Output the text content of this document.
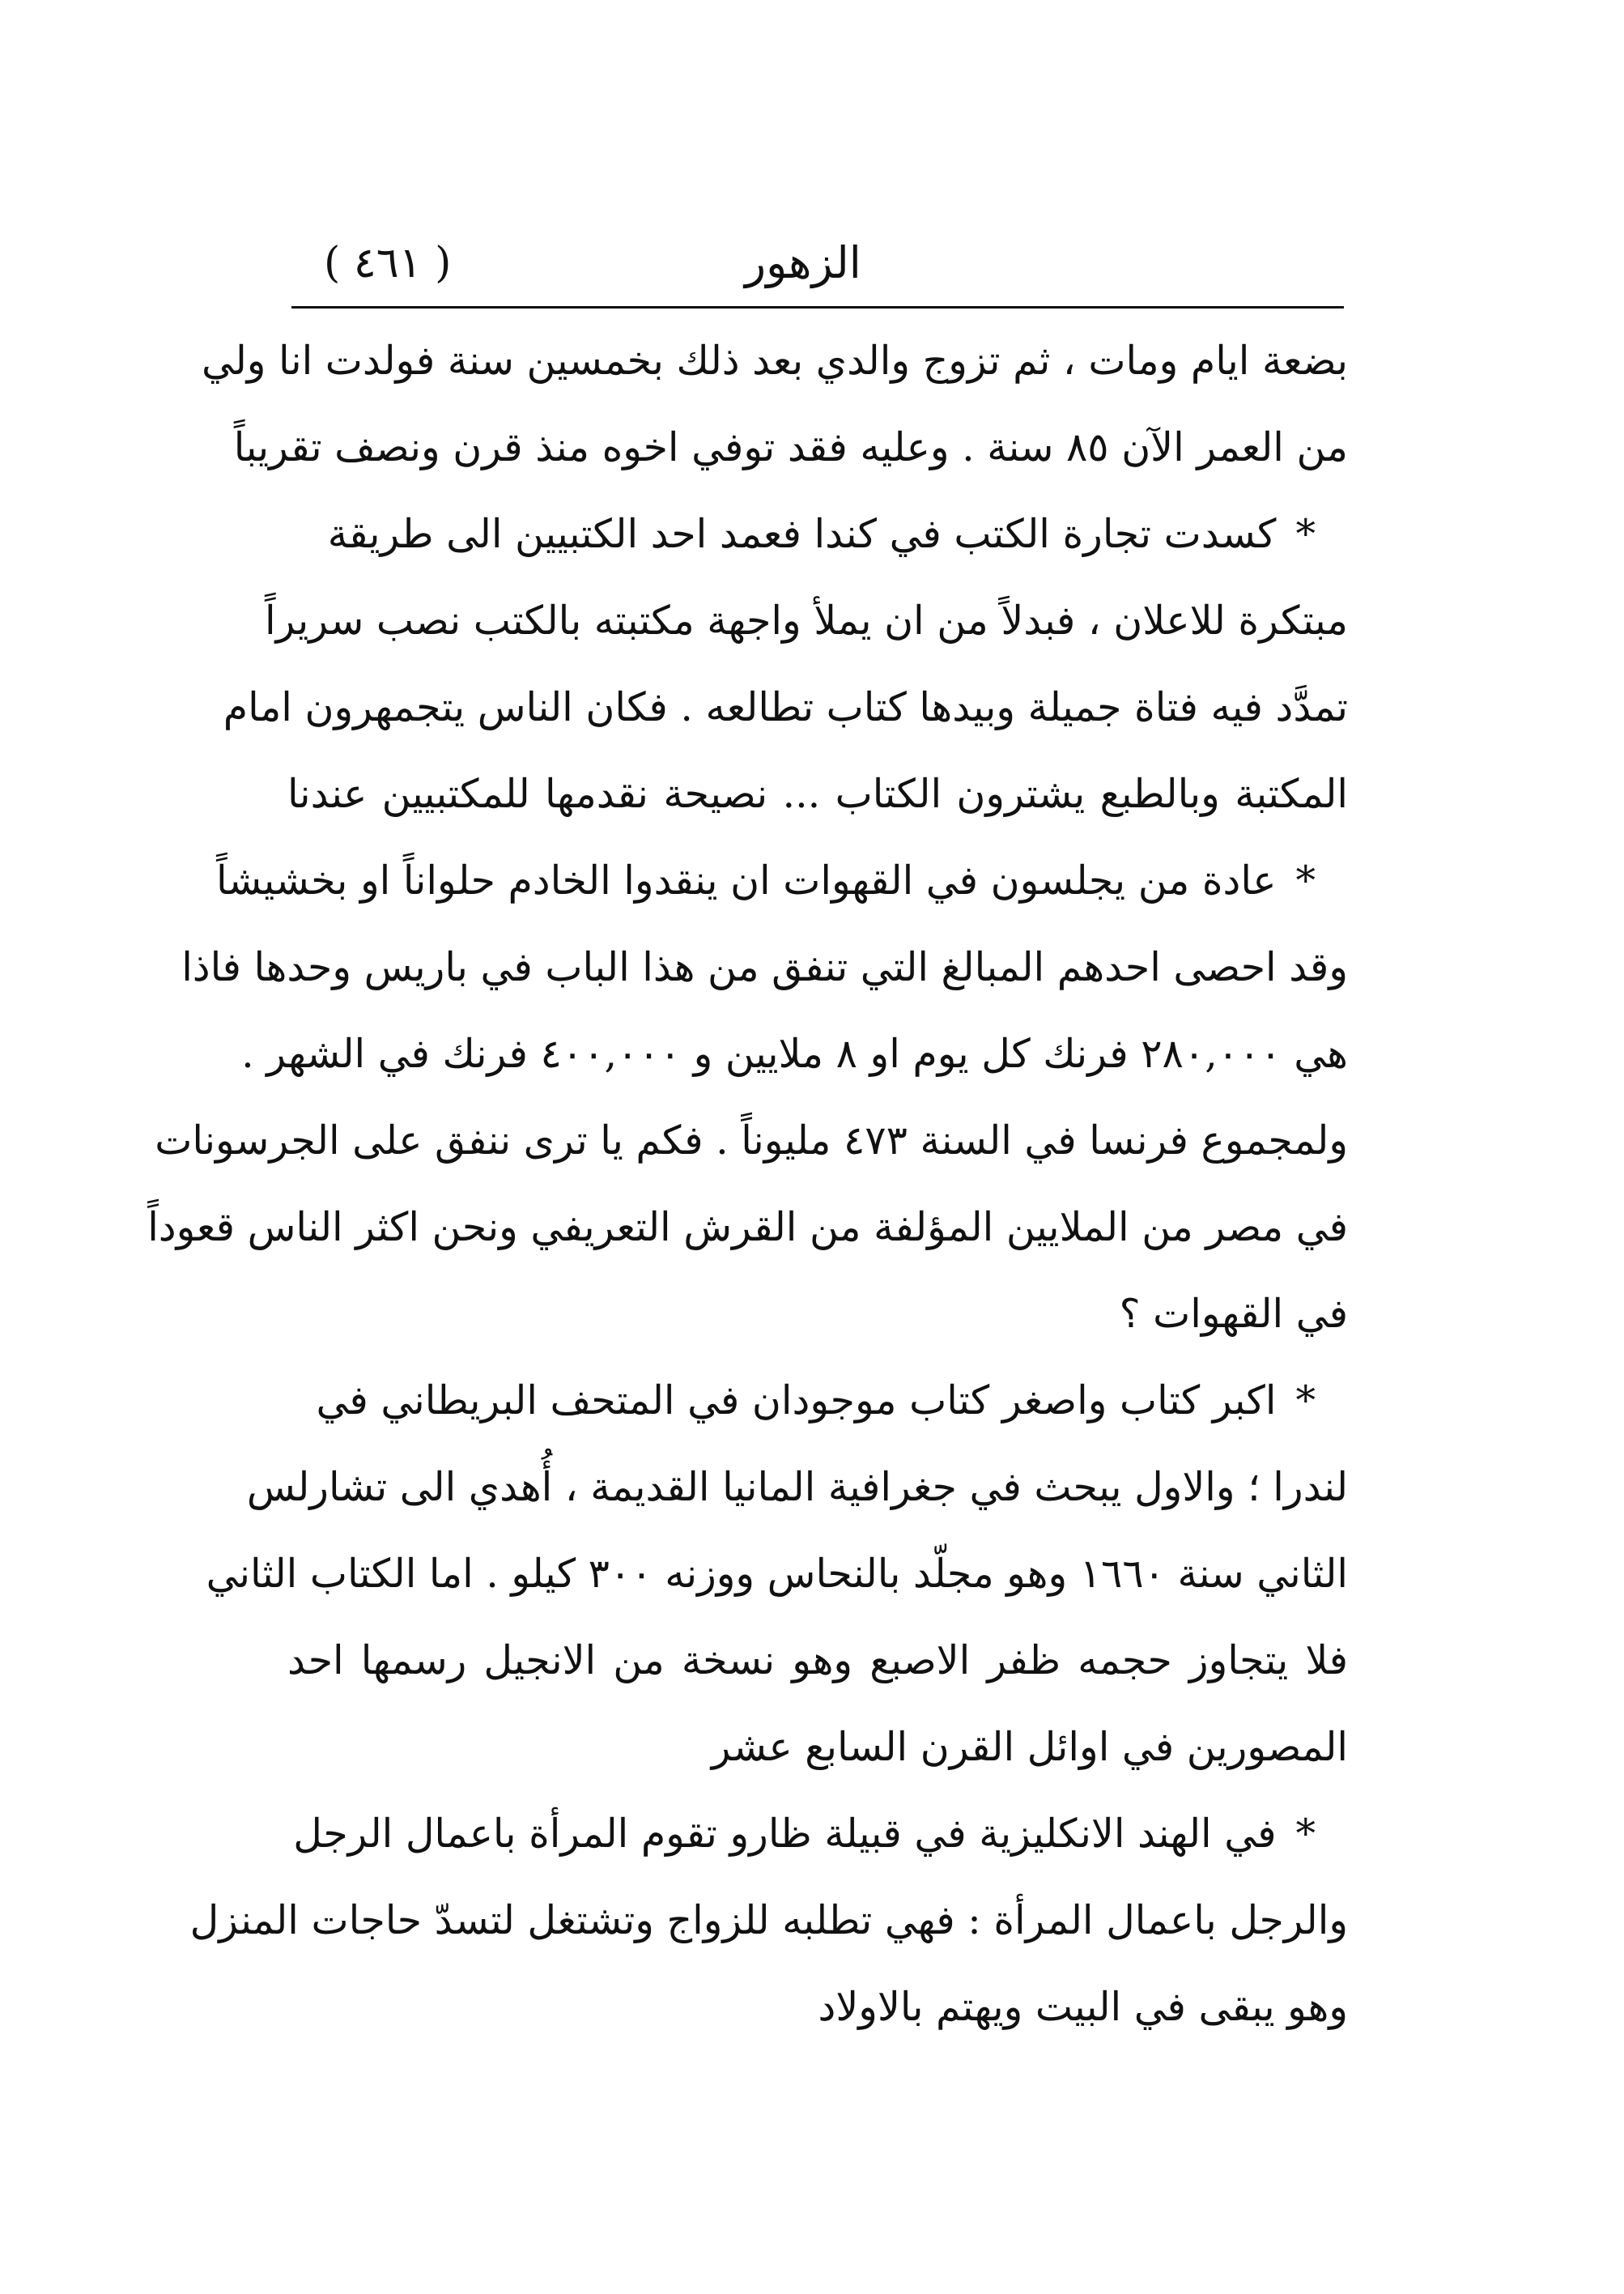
( ٤٦١ )	الزهور
بضعة ايام ومات ، ثم تزوج والدي بعد ذلك بخمسين سنة فولدت انا ولي
من العمر الآن ٨٥ سنة . وعليه فقد توفي اخوه منذ قرن ونصف تقريباً
*كسدت تجارة الكتب في كندا فعمد احد الكتبيين الى طريقة
مبتكرة للاعلان ، فبدلاً من ان يملأ واجهة مكتبته بالكتب نصب سريراً
تمدَّد فيه فتاة جميلة وبيدها كتاب تطالعه . فكان الناس يتجمهرون امام
المكتبة وبالطبع يشترون الكتاب ... نصيحة نقدمها للمكتبيين عندنا
*عادة من يجلسون في القهوات ان ينقدوا الخادم حلواناً او بخشيشاً
وقد احصى احدهم المبالغ التي تنفق من هذا الباب في باريس وحدها فاذا
هي ٢٨٠,٠٠٠ فرنك كل يوم او ٨ ملايين و ٤٠٠,٠٠٠ فرنك في الشهر .
ولمجموع فرنسا في السنة ٤٧٣ مليوناً . فكم يا ترى ننفق على الجرسونات
في مصر من الملايين المؤلفة من القرش التعريفي ونحن اكثر الناس قعوداً
في القهوات ؟
*اكبر كتاب واصغر كتاب موجودان في المتحف البريطاني في
لندرا ؛ والاول يبحث في جغرافية المانيا القديمة ، أُهدي الى تشارلس
الثاني سنة ١٦٦٠ وهو مجلّد بالنحاس ووزنه ٣٠٠ كيلو . اما الكتاب الثاني
فلا يتجاوز حجمه ظفر الاصبع وهو نسخة من الانجيل رسمها احد
المصورين في اوائل القرن السابع عشر
*في الهند الانكليزية في قبيلة ظارو تقوم المرأة باعمال الرجل
والرجل باعمال المرأة : فهي تطلبه للزواج وتشتغل لتسدّ حاجات المنزل
وهو يبقى في البيت ويهتم بالاولاد
